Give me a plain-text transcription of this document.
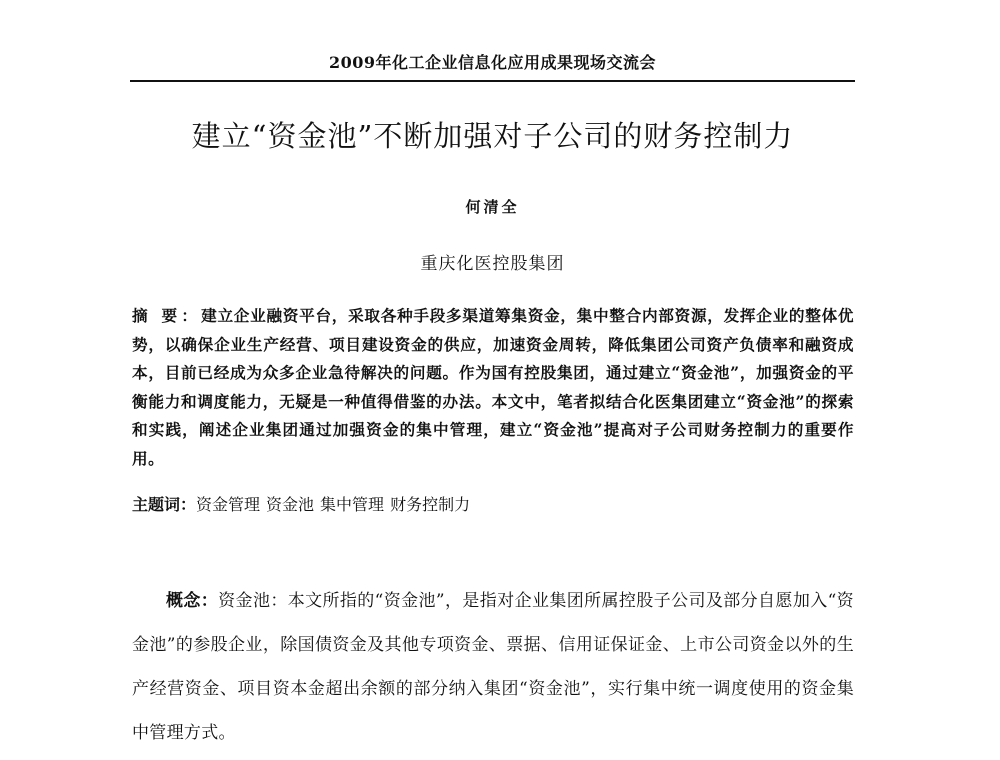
2009年化工企业信息化应用成果现场交流会
建立“资金池”不断加强对子公司的财务控制力
何清全
重庆化医控股集团
摘 要：建立企业融资平台，采取各种手段多渠道筹集资金，集中整合内部资源，发挥企业的整体优势，以确保企业生产经营、项目建设资金的供应，加速资金周转，降低集团公司资产负债率和融资成本，目前已经成为众多企业急待解决的问题。作为国有控股集团，通过建立“资金池”，加强资金的平衡能力和调度能力，无疑是一种值得借鉴的办法。本文中，笔者拟结合化医集团建立“资金池”的探索和实践，阐述企业集团通过加强资金的集中管理，建立“资金池”提高对子公司财务控制力的重要作用。
主题词：资金管理 资金池 集中管理 财务控制力
概念：资金池：本文所指的“资金池”，是指对企业集团所属控股子公司及部分自愿加入“资金池”的参股企业，除国债资金及其他专项资金、票据、信用证保证金、上市公司资金以外的生产经营资金、项目资本金超出余额的部分纳入集团“资金池”，实行集中统一调度使用的资金集中管理方式。
